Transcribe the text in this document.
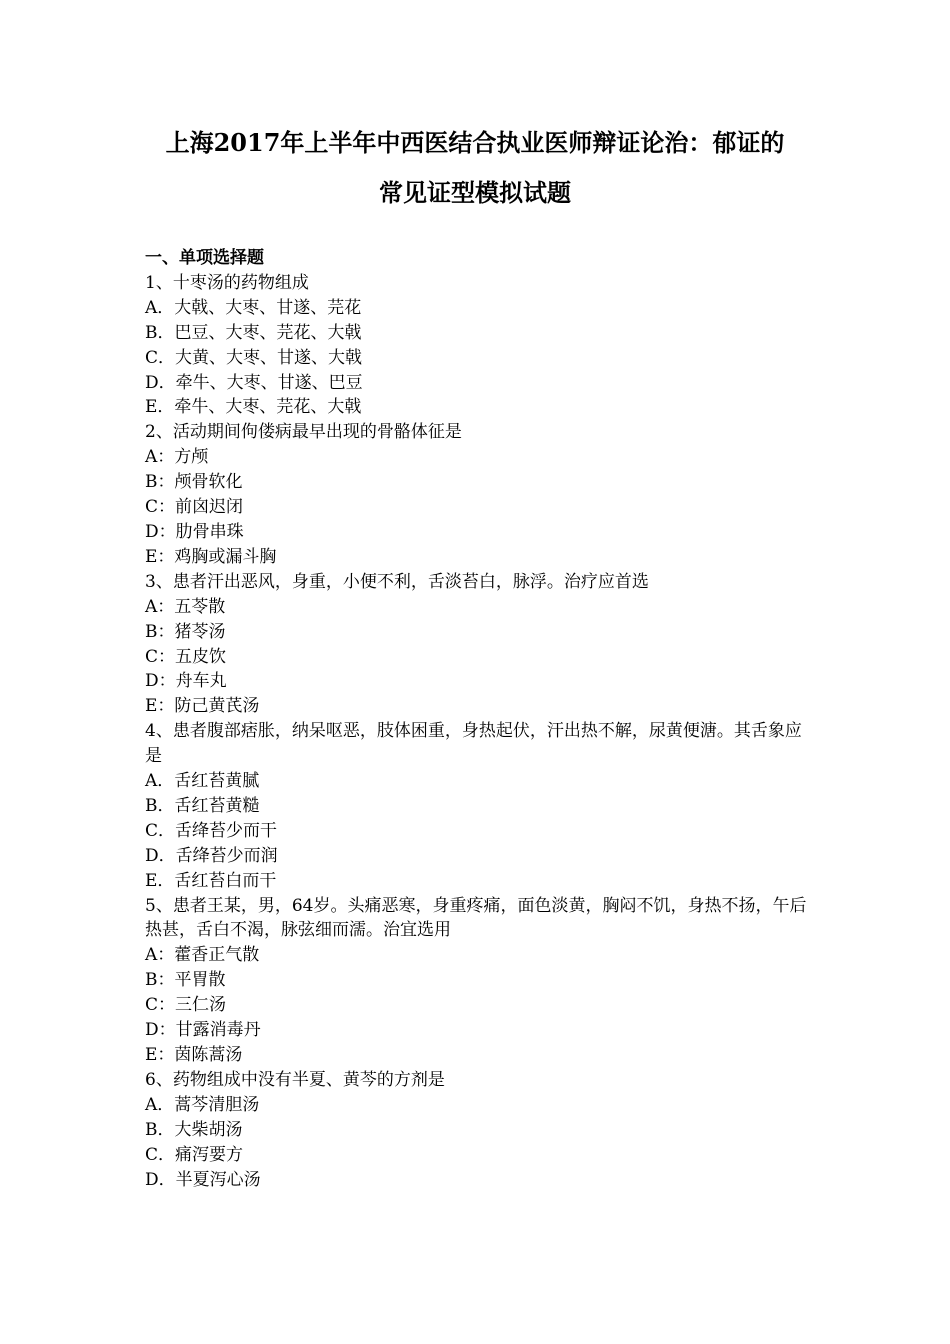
上海2017年上半年中西医结合执业医师辩证论治：郁证的
常见证型模拟试题
一、单项选择题

1、十枣汤的药物组成

A．大戟、大枣、甘遂、芫花

B．巴豆、大枣、芫花、大戟

C．大黄、大枣、甘遂、大戟

D．牵牛、大枣、甘遂、巴豆

E．牵牛、大枣、芫花、大戟

2、活动期间佝偻病最早出现的骨骼体征是

A：方颅

B：颅骨软化

C：前囟迟闭

D：肋骨串珠

E：鸡胸或漏斗胸

3、患者汗出恶风，身重，小便不利，舌淡苔白，脉浮。治疗应首选

A：五苓散

B：猪苓汤

C：五皮饮

D：舟车丸

E：防己黄芪汤

4、患者腹部痞胀，纳呆呕恶，肢体困重，身热起伏，汗出热不解，尿黄便溏。其舌象应是

A．舌红苔黄腻

B．舌红苔黄糙

C．舌绛苔少而干

D．舌绛苔少而润

E．舌红苔白而干

5、患者王某，男，64岁。头痛恶寒，身重疼痛，面色淡黄，胸闷不饥，身热不扬，午后热甚，舌白不渴，脉弦细而濡。治宜选用

A：藿香正气散

B：平胃散

C：三仁汤

D：甘露消毒丹

E：茵陈蒿汤

6、药物组成中没有半夏、黄芩的方剂是

A．蒿芩清胆汤

B．大柴胡汤

C．痛泻要方

D．半夏泻心汤
